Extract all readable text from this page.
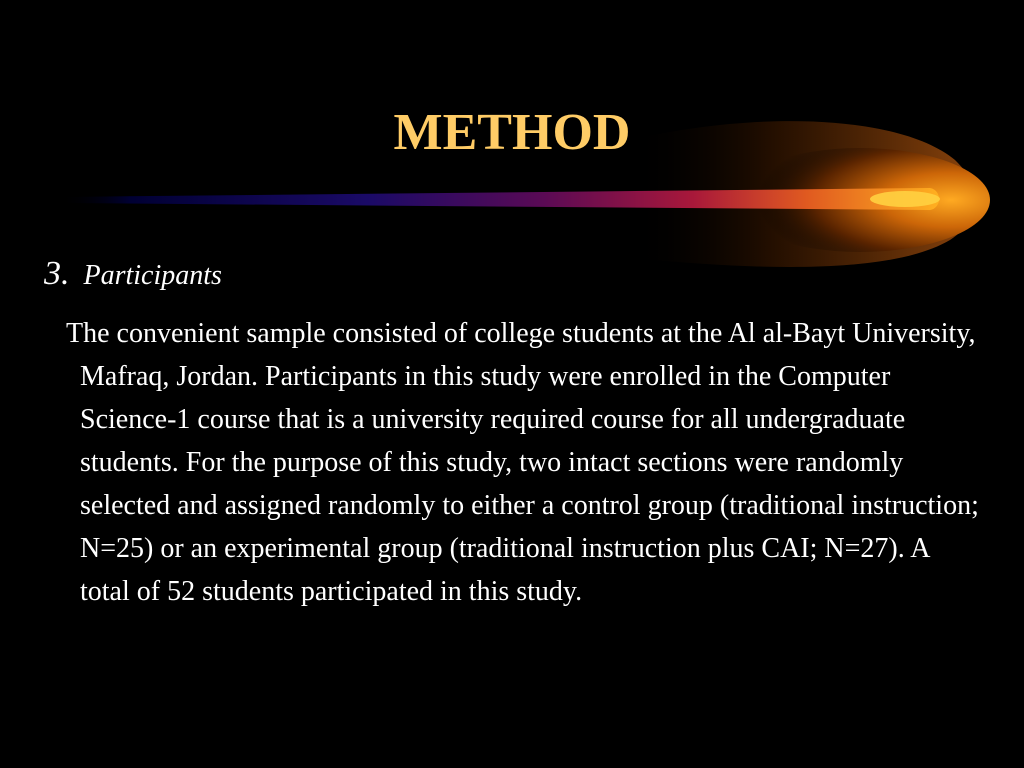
METHOD
3. Participants

The convenient sample consisted of college students at the Al al-Bayt University, Mafraq, Jordan. Participants in this study were enrolled in the Computer Science-1 course that is a university required course for all undergraduate students. For the purpose of this study, two intact sections were randomly selected and assigned randomly to either a control group (traditional instruction; N=25) or an experimental group (traditional instruction plus CAI; N=27). A total of 52 students participated in this study.
